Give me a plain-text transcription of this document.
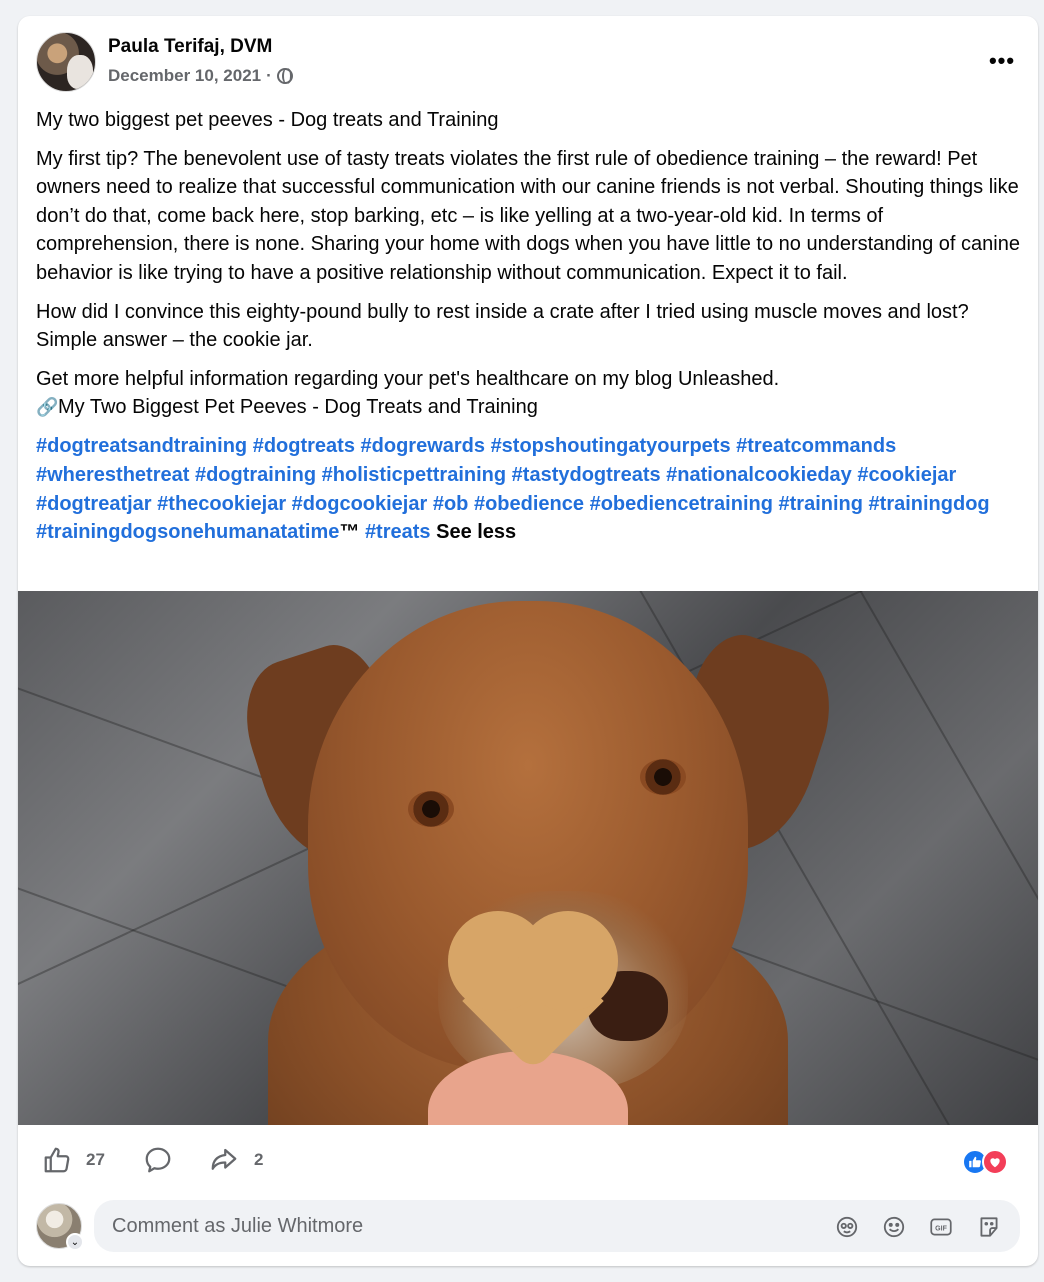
Paula Terifaj, DVM
December 10, 2021 ·
•••

My two biggest pet peeves - Dog treats and Training

My first tip? The benevolent use of tasty treats violates the first rule of obedience training – the reward! Pet owners need to realize that successful communication with our canine friends is not verbal. Shouting things like don’t do that, come back here, stop barking, etc – is like yelling at a two-year-old kid. In terms of comprehension, there is none. Sharing your home with dogs when you have little to no understanding of canine behavior is like trying to have a positive relationship without communication. Expect it to fail.

How did I convince this eighty-pound bully to rest inside a crate after I tried using muscle moves and lost? Simple answer – the cookie jar.

Get more helpful information regarding your pet's healthcare on my blog Unleashed.
🔗My Two Biggest Pet Peeves - Dog Treats and Training

#dogtreatsandtraining #dogtreats #dogrewards #stopshoutingatyourpets #treatcommands #wheresthetreat #dogtraining #holisticpettraining #tastydogtreats #nationalcookieday #cookiejar #dogtreatjar #thecookiejar #dogcookiejar #ob #obedience #obediencetraining #training #trainingdog #trainingdogsonehumanatatime™ #treats See less

27	2
⌄
Comment as Julie Whitmore
GIF
